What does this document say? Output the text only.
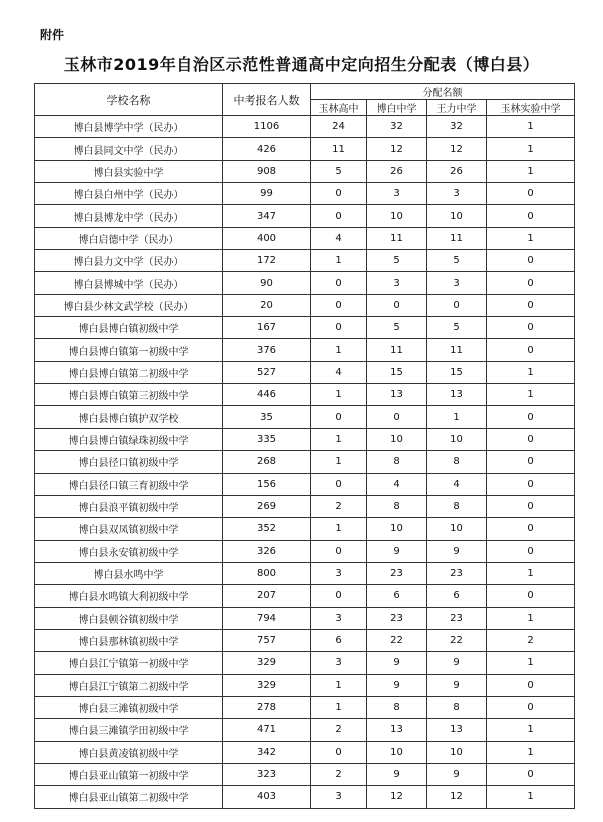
附件
玉林市2019年自治区示范性普通高中定向招生分配表（博白县）
学校名称	中考报名人数	分配名额			
		玉林高中	博白中学	王力中学	玉林实验中学
博白县博学中学（民办）	1106	24	32	32	1
博白县同文中学（民办）	426	11	12	12	1
博白县实验中学	908	5	26	26	1
博白县白州中学（民办）	99	0	3	3	0
博白县博龙中学（民办）	347	0	10	10	0
博白启德中学（民办）	400	4	11	11	1
博白县力文中学（民办）	172	1	5	5	0
博白县博城中学（民办）	90	0	3	3	0
博白县少林文武学校（民办）	20	0	0	0	0
博白县博白镇初级中学	167	0	5	5	0
博白县博白镇第一初级中学	376	1	11	11	0
博白县博白镇第二初级中学	527	4	15	15	1
博白县博白镇第三初级中学	446	1	13	13	1
博白县博白镇护双学校	35	0	0	1	0
博白县博白镇绿珠初级中学	335	1	10	10	0
博白县径口镇初级中学	268	1	8	8	0
博白县径口镇三育初级中学	156	0	4	4	0
博白县浪平镇初级中学	269	2	8	8	0
博白县双凤镇初级中学	352	1	10	10	0
博白县永安镇初级中学	326	0	9	9	0
博白县水鸣中学	800	3	23	23	1
博白县水鸣镇大利初级中学	207	0	6	6	0
博白县顿谷镇初级中学	794	3	23	23	1
博白县那林镇初级中学	757	6	22	22	2
博白县江宁镇第一初级中学	329	3	9	9	1
博白县江宁镇第二初级中学	329	1	9	9	0
博白县三滩镇初级中学	278	1	8	8	0
博白县三滩镇学田初级中学	471	2	13	13	1
博白县黄凌镇初级中学	342	0	10	10	1
博白县亚山镇第一初级中学	323	2	9	9	0
博白县亚山镇第二初级中学	403	3	12	12	1
